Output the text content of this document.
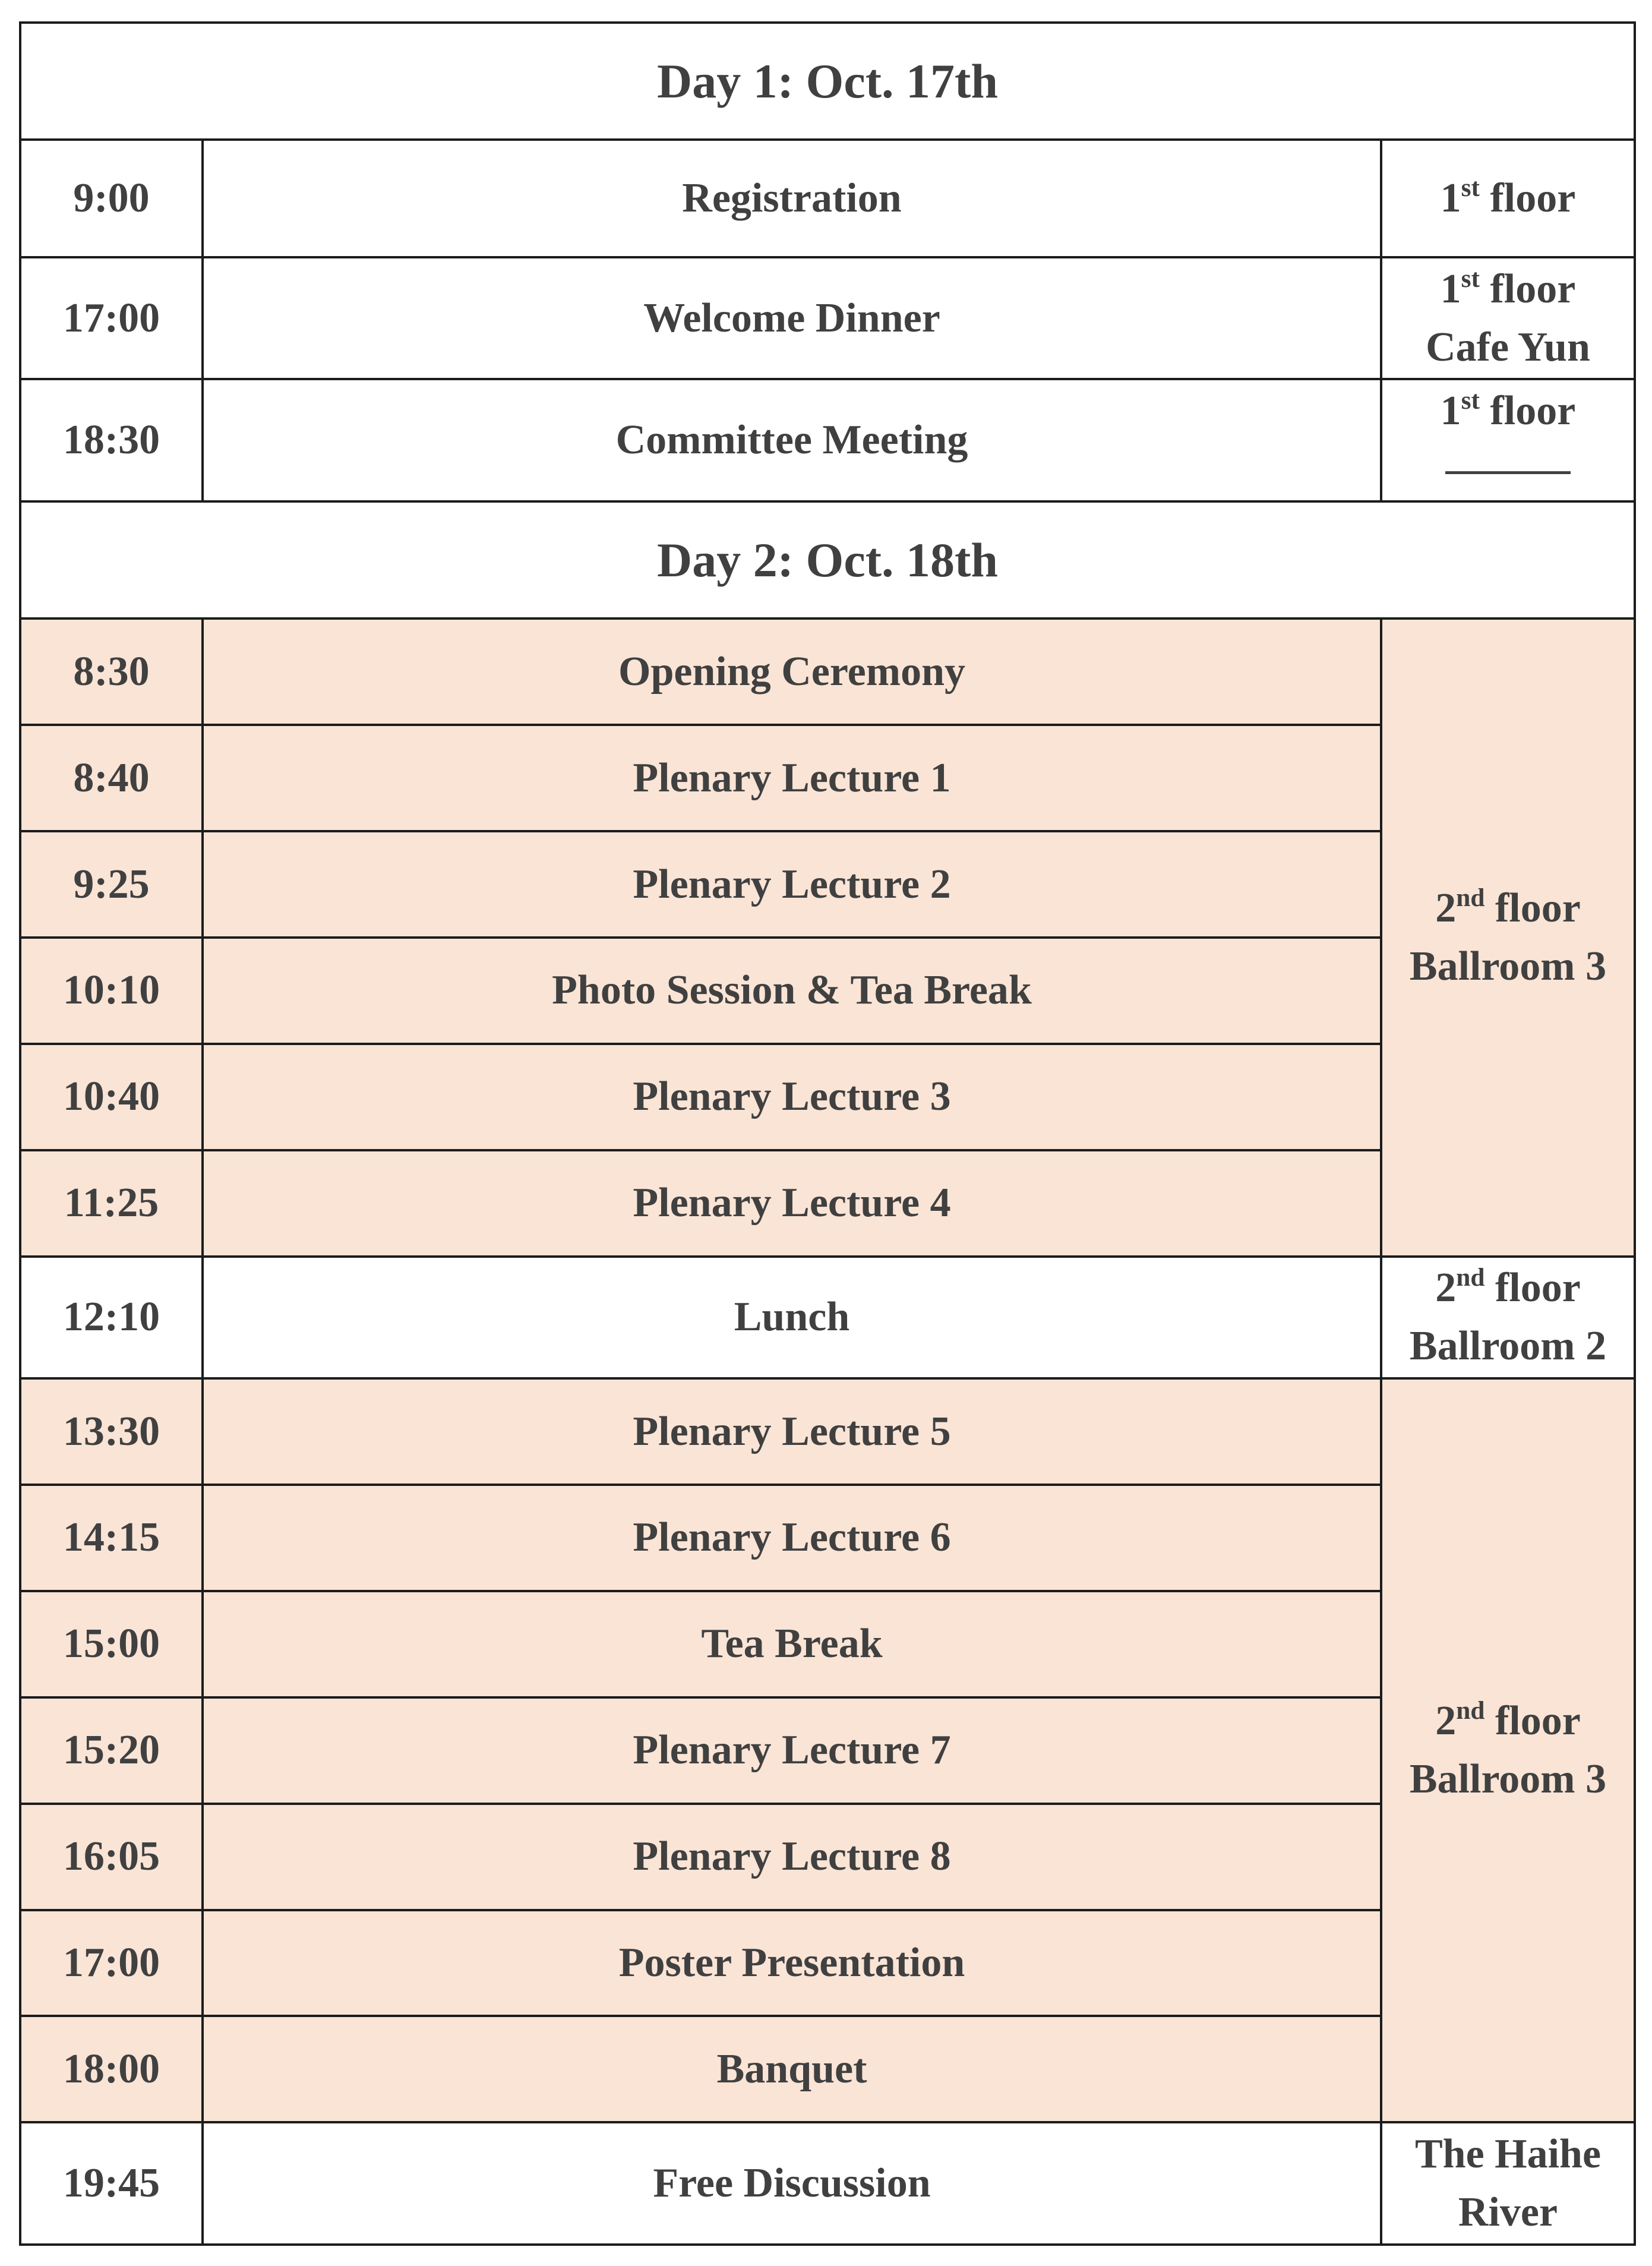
Day 1: Oct. 17th		
9:00	Registration	1st floor

17:00	Welcome Dinner	1st floor
Cafe Yun

18:30	Committee Meeting	1st floor
———

Day 2: Oct. 18th		
8:30	Opening Ceremony	2nd floor
Ballroom 3

8:40	Plenary Lecture 1	
9:25	Plenary Lecture 2	
10:10	Photo Session & Tea Break	
10:40	Plenary Lecture 3	
11:25	Plenary Lecture 4	
12:10	Lunch	2nd floor
Ballroom 2

13:30	Plenary Lecture 5	2nd floor
Ballroom 3

14:15	Plenary Lecture 6	
15:00	Tea Break	
15:20	Plenary Lecture 7	
16:05	Plenary Lecture 8	
17:00	Poster Presentation	
18:00	Banquet	
19:45	Free Discussion	The Haihe
River
